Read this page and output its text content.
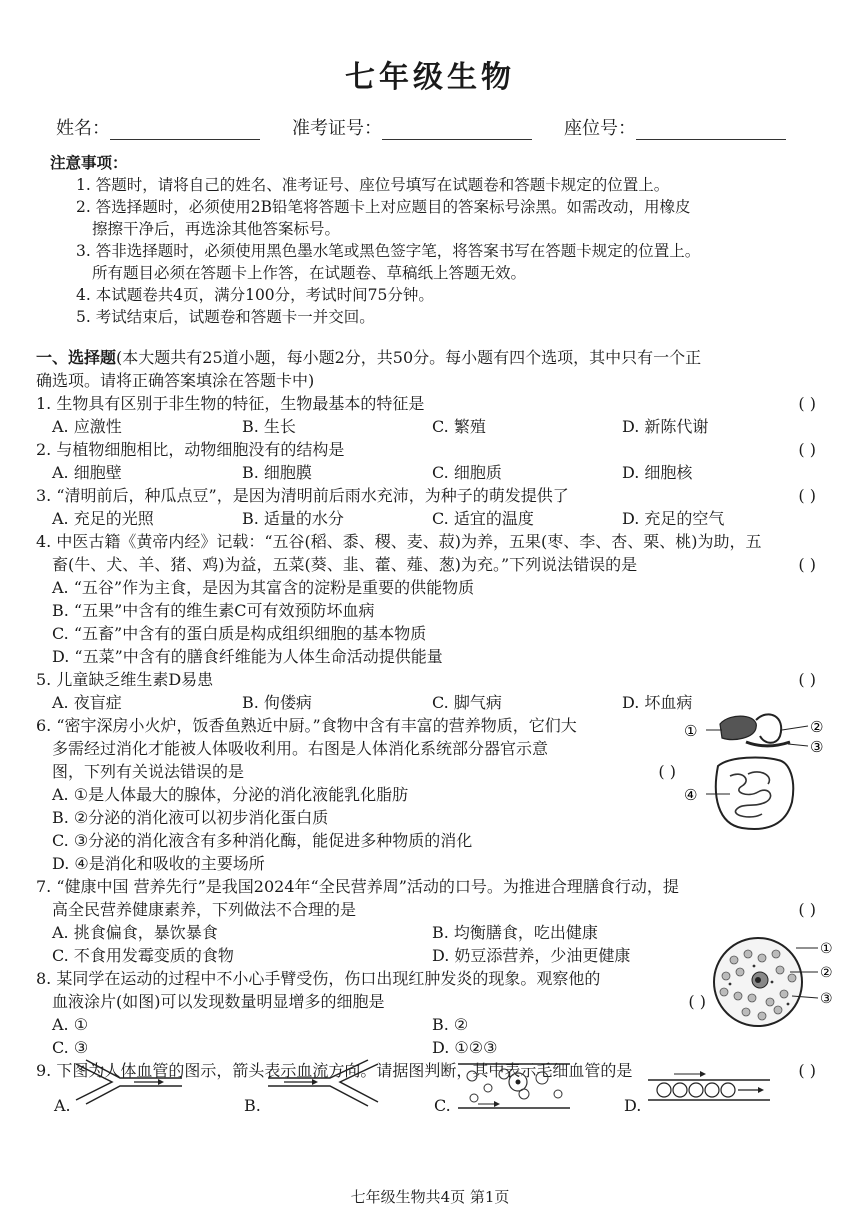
七年级生物
姓名：	准考证号：	座位号：
注意事项：
1. 答题时，请将自己的姓名、准考证号、座位号填写在试题卷和答题卡规定的位置上。
2. 答选择题时，必须使用2B铅笔将答题卡上对应题目的答案标号涂黑。如需改动，用橡皮
擦擦干净后，再选涂其他答案标号。
3. 答非选择题时，必须使用黑色墨水笔或黑色签字笔，将答案书写在答题卡规定的位置上。
所有题目必须在答题卡上作答，在试题卷、草稿纸上答题无效。
4. 本试题卷共4页，满分100分，考试时间75分钟。
5. 考试结束后，试题卷和答题卡一并交回。
一、选择题(本大题共有25道小题，每小题2分，共50分。每小题有四个选项，其中只有一个正
确选项。请将正确答案填涂在答题卡中)
1. 生物具有区别于非生物的特征，生物最基本的特征是	( )
A. 应激性	B. 生长	C. 繁殖	D. 新陈代谢
2. 与植物细胞相比，动物细胞没有的结构是	( )
A. 细胞壁	B. 细胞膜	C. 细胞质	D. 细胞核
3. “清明前后，种瓜点豆”，是因为清明前后雨水充沛，为种子的萌发提供了	( )
A. 充足的光照	B. 适量的水分	C. 适宜的温度	D. 充足的空气
4. 中医古籍《黄帝内经》记载：“五谷(稻、黍、稷、麦、菽)为养，五果(枣、李、杏、栗、桃)为助，五
畜(牛、犬、羊、猪、鸡)为益，五菜(葵、韭、藿、薤、葱)为充。”下列说法错误的是	( )
A. “五谷”作为主食，是因为其富含的淀粉是重要的供能物质
B. “五果”中含有的维生素C可有效预防坏血病
C. “五畜”中含有的蛋白质是构成组织细胞的基本物质
D. “五菜”中含有的膳食纤维能为人体生命活动提供能量
5. 儿童缺乏维生素D易患	( )
A. 夜盲症	B. 佝偻病	C. 脚气病	D. 坏血病
6. “密宇深房小火炉，饭香鱼熟近中厨。”食物中含有丰富的营养物质，它们大
多需经过消化才能被人体吸收利用。右图是人体消化系统部分器官示意
图，下列有关说法错误的是	( )
A. ①是人体最大的腺体，分泌的消化液能乳化脂肪
B. ②分泌的消化液可以初步消化蛋白质
C. ③分泌的消化液含有多种消化酶，能促进多种物质的消化
D. ④是消化和吸收的主要场所
7. “健康中国 营养先行”是我国2024年“全民营养周”活动的口号。为推进合理膳食行动，提
高全民营养健康素养，下列做法不合理的是	( )
A. 挑食偏食，暴饮暴食	B. 均衡膳食，吃出健康
C. 不食用发霉变质的食物	D. 奶豆添营养，少油更健康
8. 某同学在运动的过程中不小心手臂受伤，伤口出现红肿发炎的现象。观察他的
血液涂片(如图)可以发现数量明显增多的细胞是	( )
A. ①	B. ②
C. ③	D. ①②③
9. 下图为人体血管的图示，箭头表示血流方向。请据图判断，其中表示毛细血管的是	( )
①	②
③
④
①
②
③
A.	B.	C.	D.
七年级生物共4页 第1页
